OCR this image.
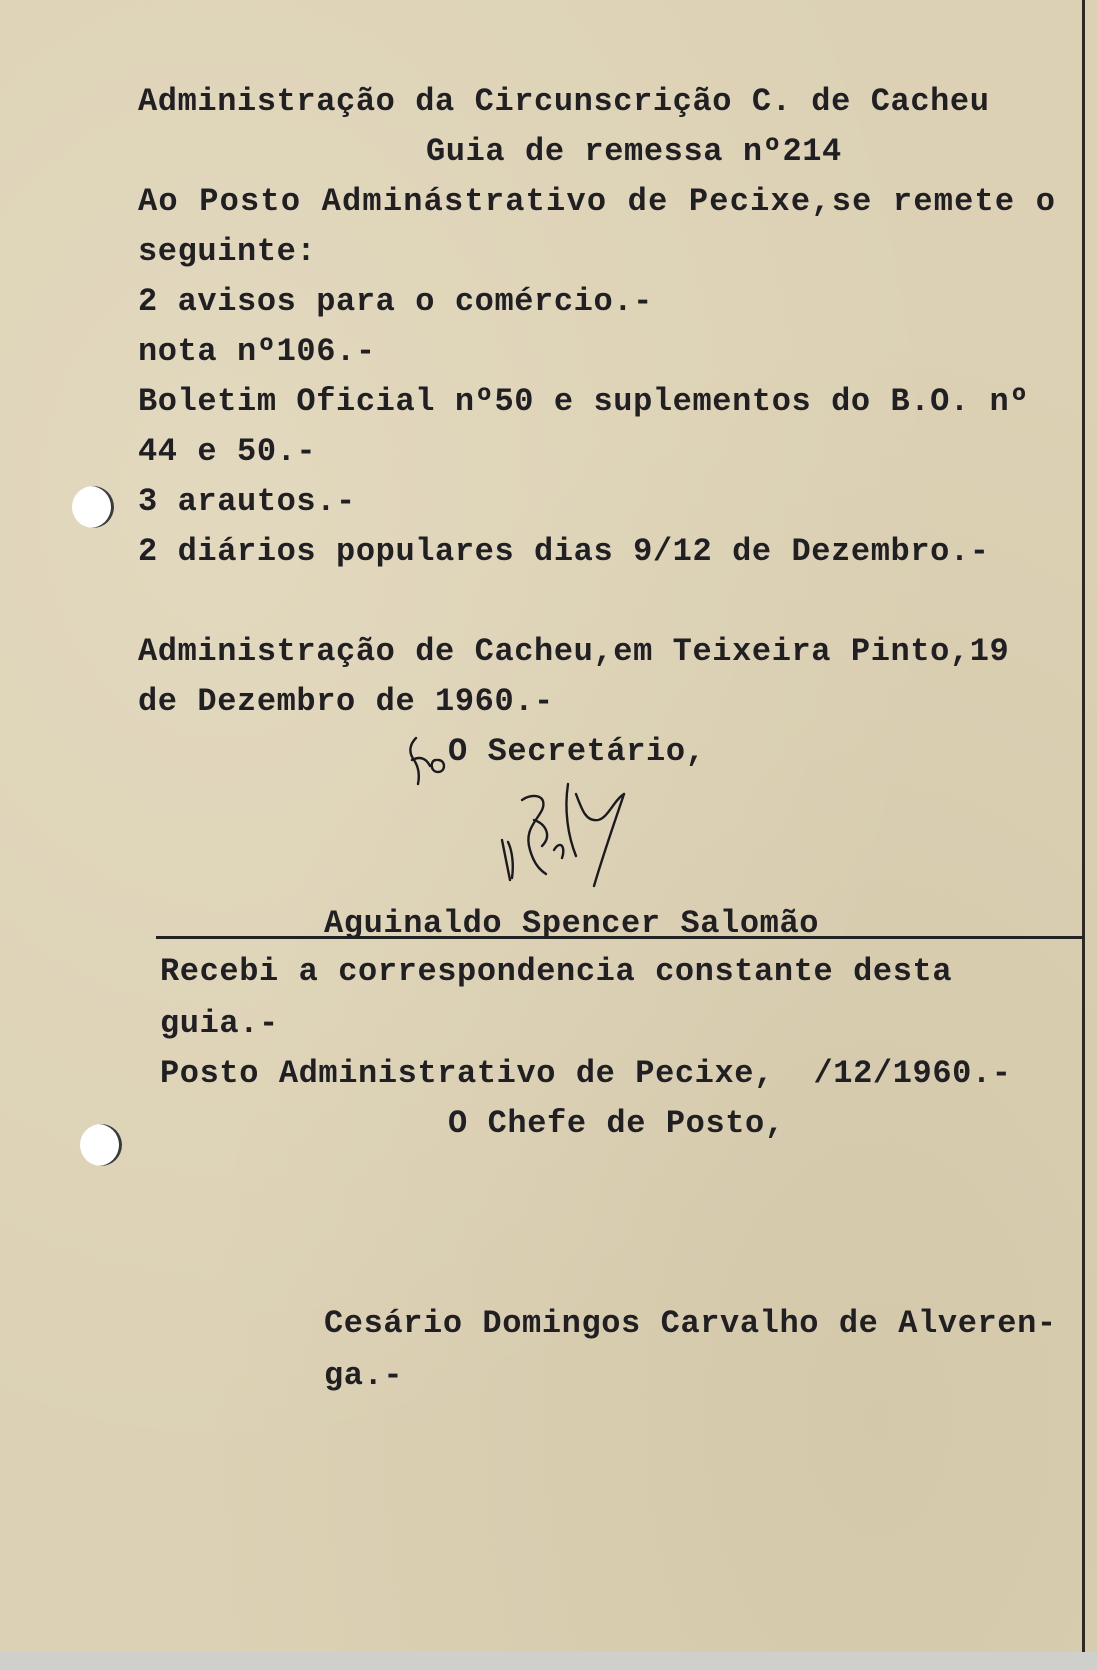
Administração da Circunscrição C. de Cacheu

Guia de remessa nº214

Ao Posto Adminástrativo de Pecixe,se remete o

seguinte:

2 avisos para o comércio.-

nota nº106.-

Boletim Oficial nº50 e suplementos do B.O. nº

44 e 50.-

3 arautos.-

2 diários populares dias 9/12 de Dezembro.-

Administração de Cacheu,em Teixeira Pinto,19

de Dezembro de 1960.-

O Secretário,

Aguinaldo Spencer Salomão

Recebi a correspondencia constante desta

guia.-

Posto Administrativo de Pecixe,  /12/1960.-

O Chefe de Posto,

Cesário Domingos Carvalho de Alveren-

ga.-
